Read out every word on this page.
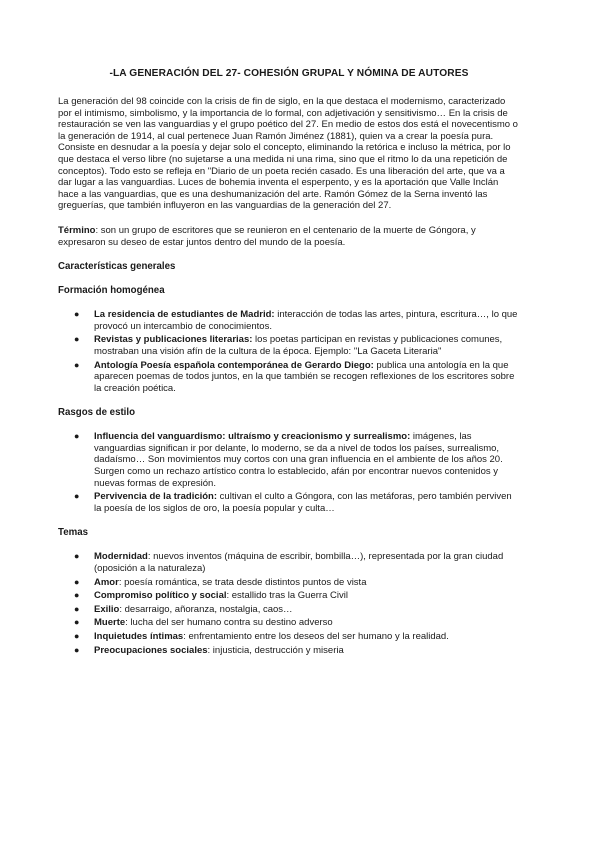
-LA GENERACIÓN DEL 27- COHESIÓN GRUPAL Y NÓMINA DE AUTORES

La generación del 98 coincide con la crisis de fin de siglo, en la que destaca el modernismo, caracterizado por el intimismo, simbolismo, y la importancia de lo formal, con adjetivación y sensitivismo… En la crisis de restauración se ven las vanguardias y el grupo poético del 27. En medio de estos dos está el novecentismo o la generación de 1914, al cual pertenece Juan Ramón Jiménez (1881), quien va a crear la poesía pura. Consiste en desnudar a la poesía y dejar solo el concepto, eliminando la retórica e incluso la métrica, por lo que destaca el verso libre (no sujetarse a una medida ni una rima, sino que el ritmo lo da una repetición de conceptos). Todo esto se refleja en "Diario de un poeta recién casado. Es una liberación del arte, que va a dar lugar a las vanguardias. Luces de bohemia inventa el esperpento, y es la aportación que Valle Inclán hace a las vanguardias, que es una deshumanización del arte. Ramón Gómez de la Serna inventó las greguerías, que también influyeron en las vanguardias de la generación del 27.

Término: son un grupo de escritores que se reunieron en el centenario de la muerte de Góngora, y expresaron su deseo de estar juntos dentro del mundo de la poesía.

Características generales
Formación homogénea
● La residencia de estudiantes de Madrid: interacción de todas las artes, pintura, escritura…, lo que provocó un intercambio de conocimientos.
● Revistas y publicaciones literarias: los poetas participan en revistas y publicaciones comunes, mostraban una visión afín de la cultura de la época. Ejemplo: "La Gaceta Literaria"
● Antología Poesía española contemporánea de Gerardo Diego: publica una antología en la que aparecen poemas de todos juntos, en la que también se recogen reflexiones de los escritores sobre la creación poética.
Rasgos de estilo
● Influencia del vanguardismo: ultraísmo y creacionismo y surrealismo: imágenes, las vanguardias significan ir por delante, lo moderno, se da a nivel de todos los países, surrealismo, dadaísmo… Son movimientos muy cortos con una gran influencia en el ambiente de los años 20. Surgen como un rechazo artístico contra lo establecido, afán por encontrar nuevos contenidos y nuevas formas de expresión.
● Pervivencia de la tradición: cultivan el culto a Góngora, con las metáforas, pero también perviven la poesía de los siglos de oro, la poesía popular y culta…
Temas
● Modernidad: nuevos inventos (máquina de escribir, bombilla…), representada por la gran ciudad (oposición a la naturaleza)
● Amor: poesía romántica, se trata desde distintos puntos de vista
● Compromiso político y social: estallido tras la Guerra Civil
● Exilio: desarraigo, añoranza, nostalgia, caos…
● Muerte: lucha del ser humano contra su destino adverso
● Inquietudes íntimas: enfrentamiento entre los deseos del ser humano y la realidad.
● Preocupaciones sociales: injusticia, destrucción y miseria
